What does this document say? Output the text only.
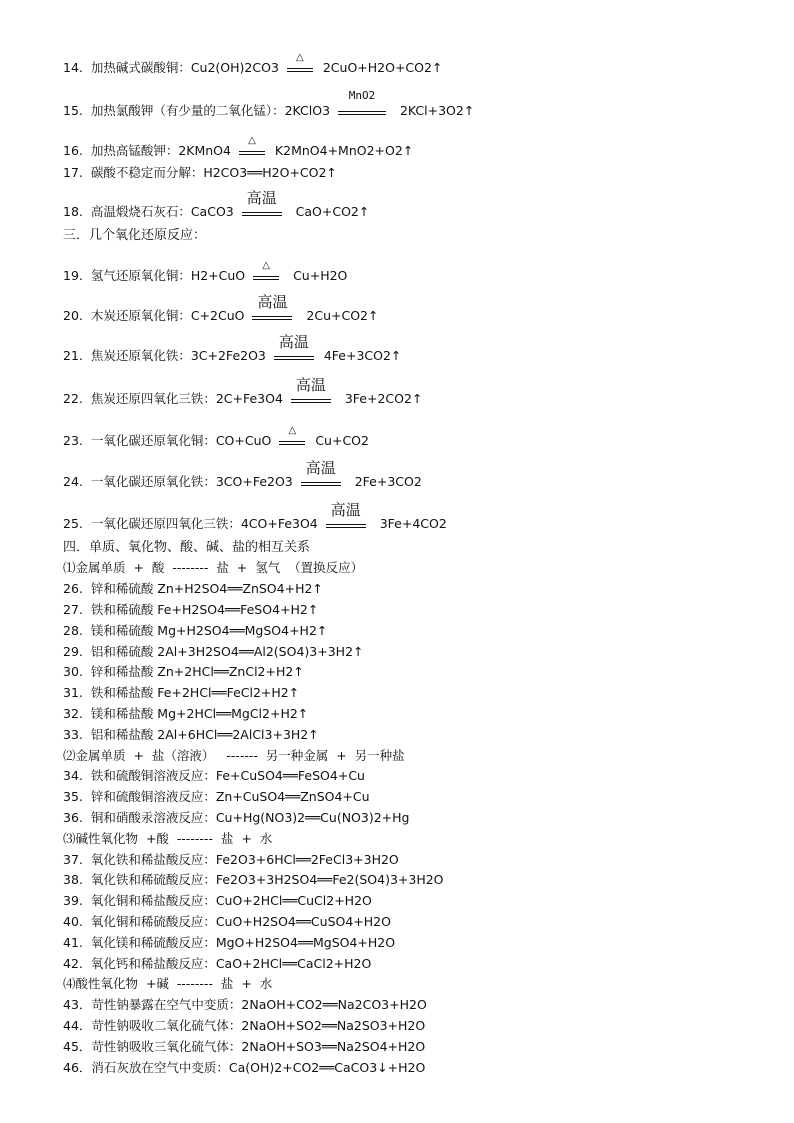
14.  加热碱式碳酸铜：Cu2(OH)2CO3
△
2CuO+H2O+CO2↑
15.  加热氯酸钾（有少量的二氧化锰）：2KClO3
MnO2
2KCl+3O2↑
16.  加热高锰酸钾：2KMnO4
△
K2MnO4+MnO2+O2↑
17.  碳酸不稳定而分解：H2CO3══H2O+CO2↑
18.  高温煅烧石灰石：CaCO3
高温
CaO+CO2↑
三．几个氧化还原反应：
19.  氢气还原氧化铜：H2+CuO
△
Cu+H2O
20.  木炭还原氧化铜：C+2CuO
高温
2Cu+CO2↑
21.  焦炭还原氧化铁：3C+2Fe2O3
高温
4Fe+3CO2↑
22.  焦炭还原四氧化三铁：2C+Fe3O4
高温
3Fe+2CO2↑
23.  一氧化碳还原氧化铜：CO+CuO
△
Cu+CO2
24.  一氧化碳还原氧化铁：3CO+Fe2O3
高温
2Fe+3CO2
25.  一氧化碳还原四氧化三铁：4CO+Fe3O4
高温
3Fe+4CO2
四．单质、氧化物、酸、碱、盐的相互关系
⑴金属单质  +  酸  --------  盐  +  氢气  （置换反应）
26.  锌和稀硫酸 Zn+H2SO4══ZnSO4+H2↑
27.  铁和稀硫酸 Fe+H2SO4══FeSO4+H2↑
28.  镁和稀硫酸 Mg+H2SO4══MgSO4+H2↑
29.  铝和稀硫酸 2Al+3H2SO4══Al2(SO4)3+3H2↑
30.  锌和稀盐酸 Zn+2HCl══ZnCl2+H2↑
31.  铁和稀盐酸 Fe+2HCl══FeCl2+H2↑
32.  镁和稀盐酸 Mg+2HCl══MgCl2+H2↑
33.  铝和稀盐酸 2Al+6HCl══2AlCl3+3H2↑
⑵金属单质  +  盐（溶液）   -------  另一种金属  +  另一种盐
34.  铁和硫酸铜溶液反应：Fe+CuSO4══FeSO4+Cu
35.  锌和硫酸铜溶液反应：Zn+CuSO4══ZnSO4+Cu
36.  铜和硝酸汞溶液反应：Cu+Hg(NO3)2══Cu(NO3)2+Hg
⑶碱性氧化物  +酸  --------  盐  +  水
37.  氧化铁和稀盐酸反应：Fe2O3+6HCl══2FeCl3+3H2O
38.  氧化铁和稀硫酸反应：Fe2O3+3H2SO4══Fe2(SO4)3+3H2O
39.  氧化铜和稀盐酸反应：CuO+2HCl══CuCl2+H2O
40.  氧化铜和稀硫酸反应：CuO+H2SO4══CuSO4+H2O
41.  氧化镁和稀硫酸反应：MgO+H2SO4══MgSO4+H2O
42.  氧化钙和稀盐酸反应：CaO+2HCl══CaCl2+H2O
⑷酸性氧化物  +碱  --------  盐  +  水
43．苛性钠暴露在空气中变质：2NaOH+CO2══Na2CO3+H2O
44．苛性钠吸收二氧化硫气体：2NaOH+SO2══Na2SO3+H2O
45．苛性钠吸收三氧化硫气体：2NaOH+SO3══Na2SO4+H2O
46．消石灰放在空气中变质：Ca(OH)2+CO2══CaCO3↓+H2O
